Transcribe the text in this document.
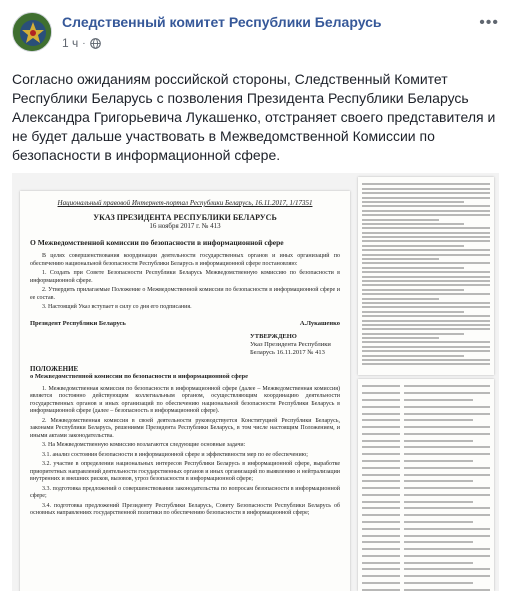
Следственный комитет Республики Беларусь
1 ч ·
•••
Согласно ожиданиям российской стороны, Следственный Комитет Республики Беларусь с позволения Президента Республики Беларусь Александра Григорьевича Лукашенко, отстраняет своего представителя и не будет дальше участвовать в Межведомственной Комиссии по безопасности в информационной сфере.
Национальный правовой Интернет-портал Республики Беларусь, 16.11.2017, 1/17351
УКАЗ ПРЕЗИДЕНТА РЕСПУБЛИКИ БЕЛАРУСЬ
16 ноября 2017 г. № 413
О Межведомственной комиссии по безопасности в информационной сфере
В целях совершенствования координации деятельности государственных органов и иных организаций по обеспечению национальной безопасности Республики Беларусь в информационной сфере постановляю:
1. Создать при Совете Безопасности Республики Беларусь Межведомственную комиссию по безопасности в информационной сфере.
2. Утвердить прилагаемые Положение о Межведомственной комиссии по безопасности в информационной сфере и ее состав.
3. Настоящий Указ вступает в силу со дня его подписания.
Президент Республики Беларусь	А.Лукашенко
УТВЕРЖДЕНО
Указ Президента Республики Беларусь 16.11.2017 № 413
ПОЛОЖЕНИЕ
о Межведомственной комиссии по безопасности в информационной сфере
1. Межведомственная комиссия по безопасности в информационной сфере (далее – Межведомственная комиссия) является постоянно действующим коллегиальным органом, осуществляющим координацию деятельности государственных органов и иных организаций по обеспечению национальной безопасности Республики Беларусь в информационной сфере (далее – безопасность в информационной сфере).
2. Межведомственная комиссия в своей деятельности руководствуется Конституцией Республики Беларусь, законами Республики Беларусь, решениями Президента Республики Беларусь, в том числе настоящим Положением, и иными актами законодательства.
3. На Межведомственную комиссию возлагаются следующие основные задачи:
3.1. анализ состояния безопасности в информационной сфере и эффективности мер по ее обеспечению;
3.2. участие в определении национальных интересов Республики Беларусь в информационной сфере, выработке приоритетных направлений деятельности государственных органов и иных организаций по выявлению и нейтрализации внутренних и внешних рисков, вызовов, угроз безопасности в информационной сфере;
3.3. подготовка предложений о совершенствовании законодательства по вопросам безопасности в информационной сфере;
3.4. подготовка предложений Президенту Республики Беларусь, Совету Безопасности Республики Беларусь об основных направлениях государственной политики по обеспечению безопасности в информационной сфере;
